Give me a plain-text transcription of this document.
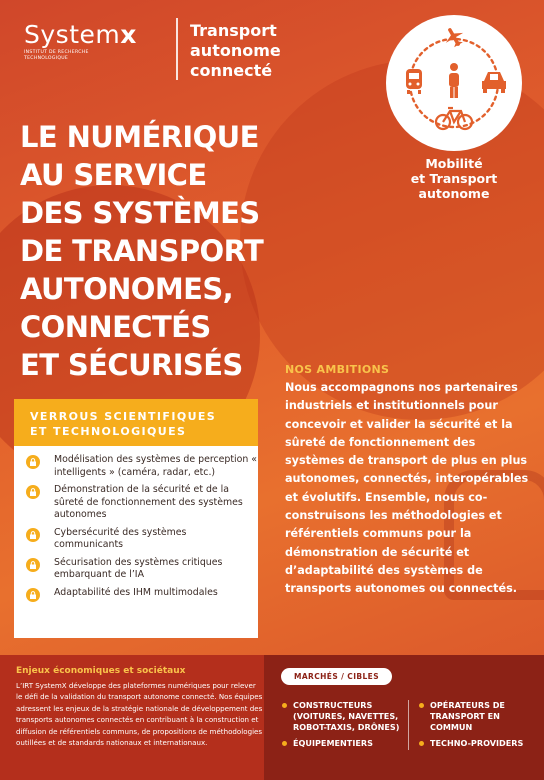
Systemx
INSTITUT DE RECHERCHE
TECHNOLOGIQUE
Transport
autonome
connecté
Mobilité
et Transport
autonome
LE NUMÉRIQUE
AU SERVICE
DES SYSTÈMES
DE TRANSPORT
AUTONOMES,
CONNECTÉS
ET SÉCURISÉS	NOS AMBITIONS
Nous accompagnons nos partenaires industriels et institutionnels pour concevoir et valider la sécurité et la sûreté de fonctionnement des systèmes de transport de plus en plus autonomes, connectés, interopérables et évolutifs. Ensemble, nous co-construisons les méthodologies et référentiels communs pour la démonstration de sécurité et d’adaptabilité des systèmes de transports autonomes ou connectés.
VERROUS SCIENTIFIQUES
ET TECHNOLOGIQUES
Modélisation des systèmes de perception « intelligents » (caméra, radar, etc.)
Démonstration de la sécurité et de la sûreté de fonctionnement des systèmes autonomes
Cybersécurité des systèmes communicants
Sécurisation des systèmes critiques embarquant de l’IA
Adaptabilité des IHM multimodales
Enjeux économiques et sociétaux
L’IRT SystemX développe des plateformes numériques pour relever le défi de la validation du transport autonome connecté. Nos équipes adressent les enjeux de la stratégie nationale de développement des transports autonomes connectés en contribuant à la construction et diffusion de référentiels communs, de propositions de méthodologies outillées et de standards nationaux et internationaux.
MARCHÉS / CIBLES
CONSTRUCTEURS (VOITURES, NAVETTES, ROBOT-TAXIS, DRÔNES)
ÉQUIPEMENTIERS
OPÉRATEURS DE TRANSPORT EN COMMUN
TECHNO-PROVIDERS
